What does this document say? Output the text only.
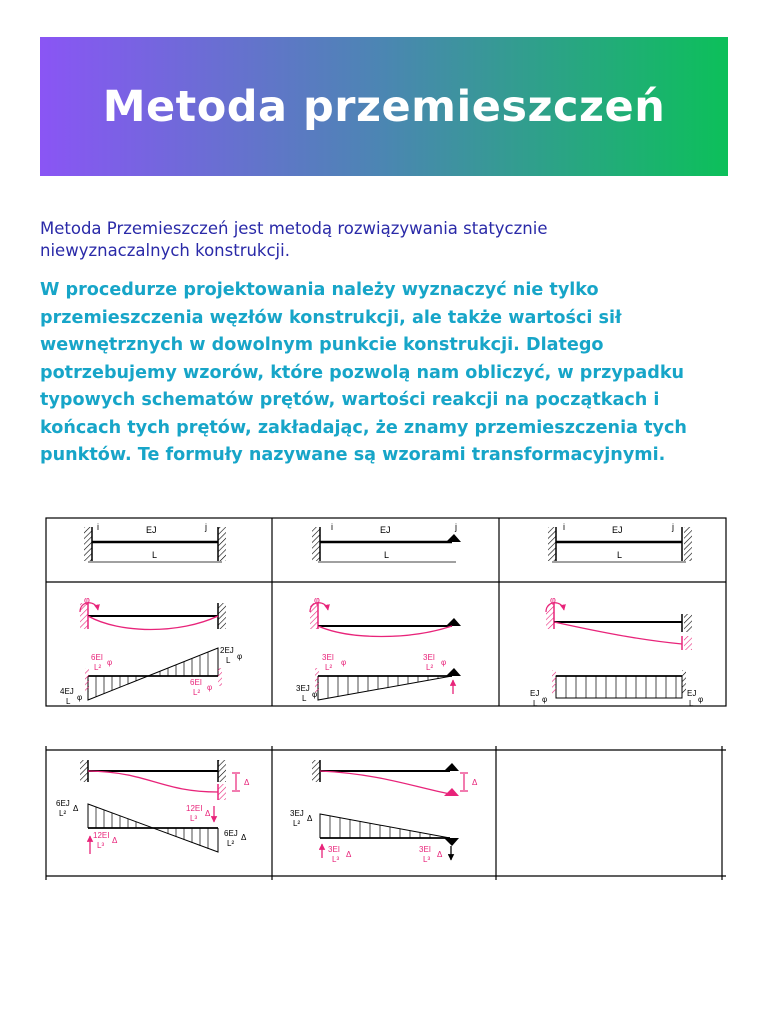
Metoda przemieszczeń
Metoda Przemieszczeń jest metodą rozwiązywania statycznie niewyznaczalnych konstrukcji.
W procedurze projektowania należy wyznaczyć nie tylko przemieszczenia węzłów konstrukcji, ale także wartości sił wewnętrznych w dowolnym punkcie konstrukcji. Dlatego potrzebujemy wzorów, które pozwolą nam obliczyć, w przypadku typowych schematów prętów, wartości reakcji na początkach i końcach tych prętów, zakładając, że znamy przemieszczenia tych punktów. Te formuły nazywane są wzorami transformacyjnymi.
i	j
EJ
L
i	j
EJ
L
i	j
EJ
L
φ
4EJ
L φ
6EI
L²
φ
2EJ
L φ
6EI
L²
φ
φ
3EJ
L φ
3EI
L²
φ
3EI
L²
φ
φ
EJ
L φ
EJ
L φ
Δ
6EJ
L²
Δ
6EJ
L²
Δ
12EI
L³
Δ
12EI
L³
Δ
Δ
3EJ
L²
Δ
3EI
L³
Δ
3EI
L³
Δ
